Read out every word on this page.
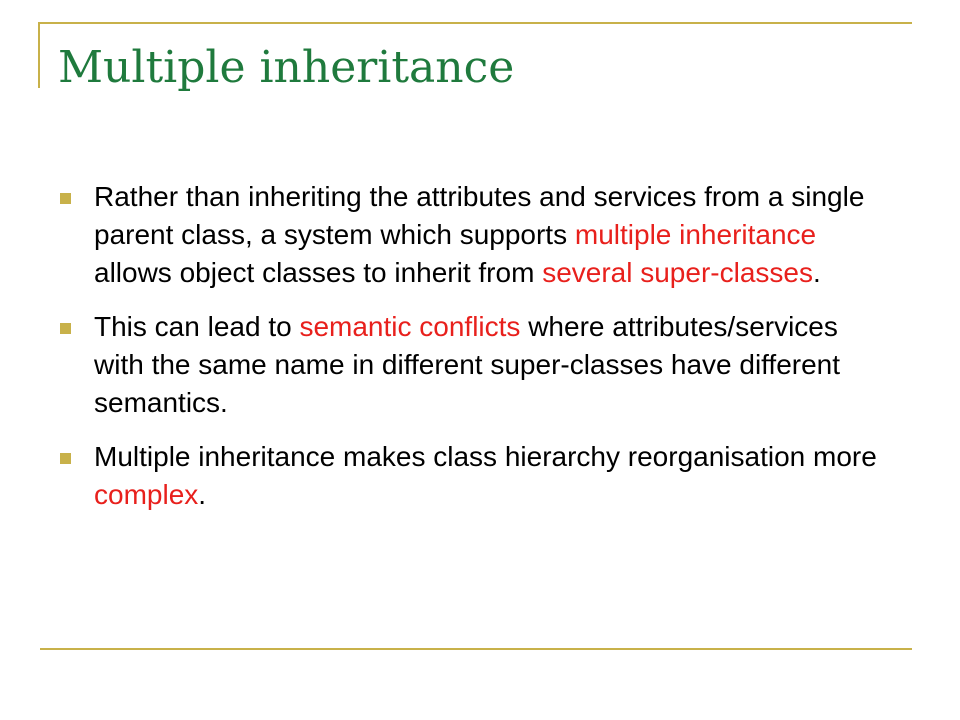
Multiple inheritance
Rather than inheriting the attributes and services from a single parent class, a system which supports multiple inheritance allows object classes to inherit from several super-classes.
This can lead to semantic conflicts where attributes/services with the same name in different super-classes have different semantics.
Multiple inheritance makes class hierarchy reorganisation more complex.
